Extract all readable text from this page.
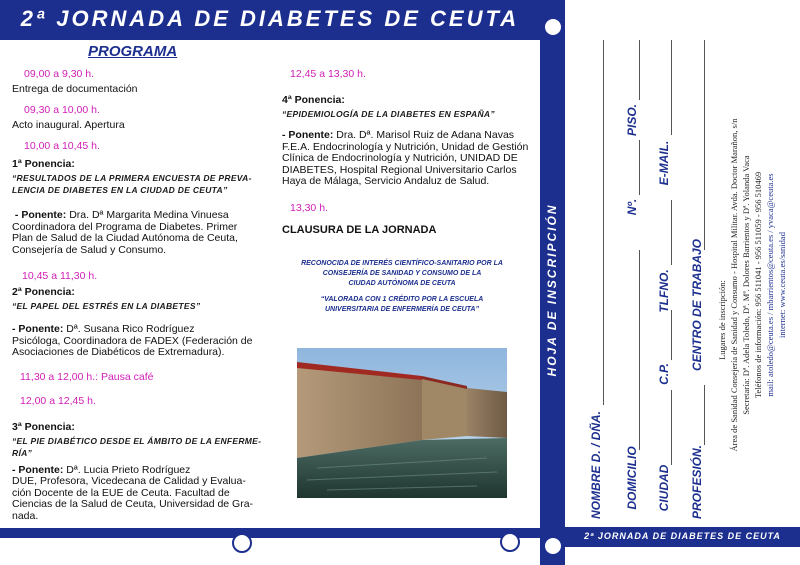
2ª JORNADA DE DIABETES DE CEUTA
PROGRAMA
09,00 a 9,30 h.
Entrega de documentación
09,30 a 10,00 h.
Acto inaugural. Apertura
10,00 a 10,45 h.
1ª Ponencia:
“RESULTADOS DE LA PRIMERA ENCUESTA DE PREVA-
LENCIA DE DIABETES EN LA CIUDAD DE CEUTA”
- Ponente: Dra. Dª Margarita Medina Vinuesa
Coordinadora del Programa de Diabetes. Primer
Plan de Salud de la Ciudad Autónoma de Ceuta,
Consejería de Salud y Consumo.
10,45 a 11,30 h.
2ª Ponencia:
“EL PAPEL DEL ESTRÉS EN LA DIABETES”
- Ponente: Dª. Susana Rico Rodríguez
Psicóloga, Coordinadora de FADEX (Federación de
Asociaciones de Diabéticos de Extremadura).
11,30 a 12,00 h.: Pausa café
12,00 a 12,45 h.
3ª Ponencia:
“EL PIE DIABÉTICO DESDE EL ÁMBITO DE LA ENFERME-
RÍA”
- Ponente: Dª. Lucia Prieto Rodríguez
DUE, Profesora, Vicedecana de Calidad y Evalua-
ción Docente de la EUE de Ceuta. Facultad de
Ciencias de la Salud de Ceuta, Universidad de Gra-
nada.
12,45 a 13,30 h.
4ª Ponencia:
“EPIDEMIOLOGÍA DE LA DIABETES EN ESPAÑA”
- Ponente: Dra. Dª. Marisol Ruiz de Adana Navas
F.E.A. Endocrinología y Nutrición, Unidad de Gestión
Clínica de Endocrinología y Nutrición, UNIDAD DE
DIABETES, Hospital Regional Universitario Carlos
Haya de Málaga, Servicio Andaluz de Salud.
13,30 h.
CLAUSURA DE LA JORNADA
RECONOCIDA DE INTERÉS CIENTÍFICO-SANITARIO POR LA
CONSEJERÍA DE SANIDAD Y CONSUMO DE LA
CIUDAD AUTÓNOMA DE CEUTA
“VALORADA CON 1 CRÉDITO POR LA ESCUELA
UNIVERSITARIA DE ENFERMERÍA DE CEUTA”	HOJA DE INSCRIPCIÓN
NOMBRE D. / DÑA. DOMICILIO
Nº.
PISO.
CIUDAD
C.P.
TLFNO.
E-MAIL.
PROFESIÓN.
CENTRO DE TRABAJO Lugares de inscripción: Área de Sanidad Consejería de Sanidad y Consumo - Hospital Militar. Avda. Doctor Marañon, s/n Secretaría: Dª. Adela Toledo, Dª. Mª. Dolores Barrientos y Dª. Yolanda Vaca Teléfonos de información: 956 511041 - 956 511059 - 956 510469 mail: atoledo@ceuta.es / mbarrientos@ceuta.es / yvaca@ceuta.es internet: www.ceuta.es/sanidad
2ª JORNADA DE DIABETES DE CEUTA
